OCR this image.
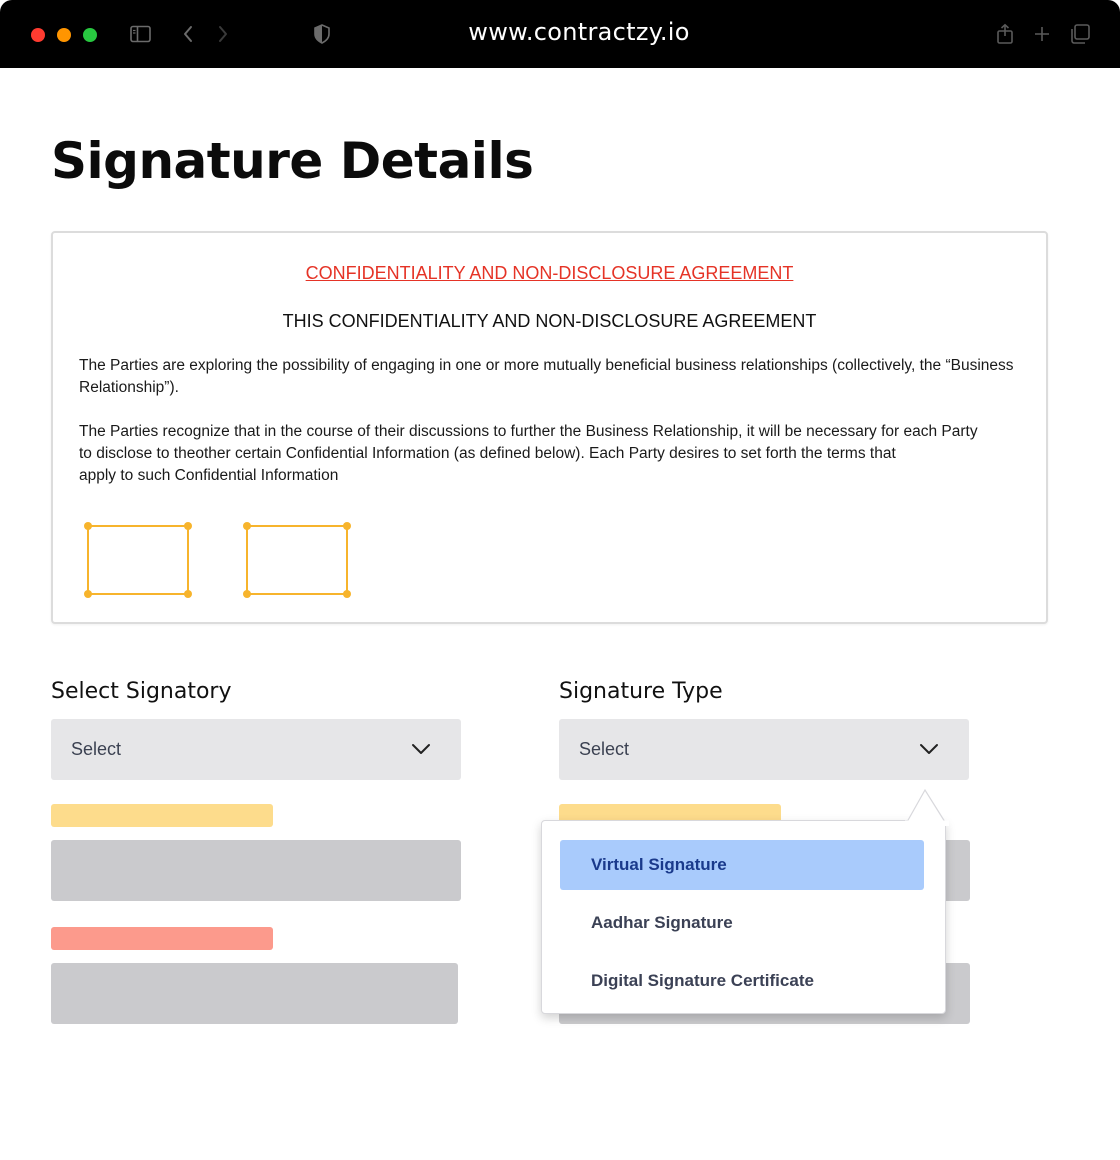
www.contractzy.io
Signature Details
CONFIDENTIALITY AND NON-DISCLOSURE AGREEMENT
THIS CONFIDENTIALITY AND NON-DISCLOSURE AGREEMENT

The Parties are exploring the possibility of engaging in one or more mutually beneficial business relationships (collectively, the “Business Relationship”).

The Parties recognize that in the course of their discussions to further the Business Relationship, it will be necessary for each Party
to disclose to theother certain Confidential Information (as defined below). Each Party desires to set forth the terms that
apply to such Confidential Information

Select Signatory	Signature Type
Select	Select
Virtual Signature
Aadhar Signature
Digital Signature Certificate
